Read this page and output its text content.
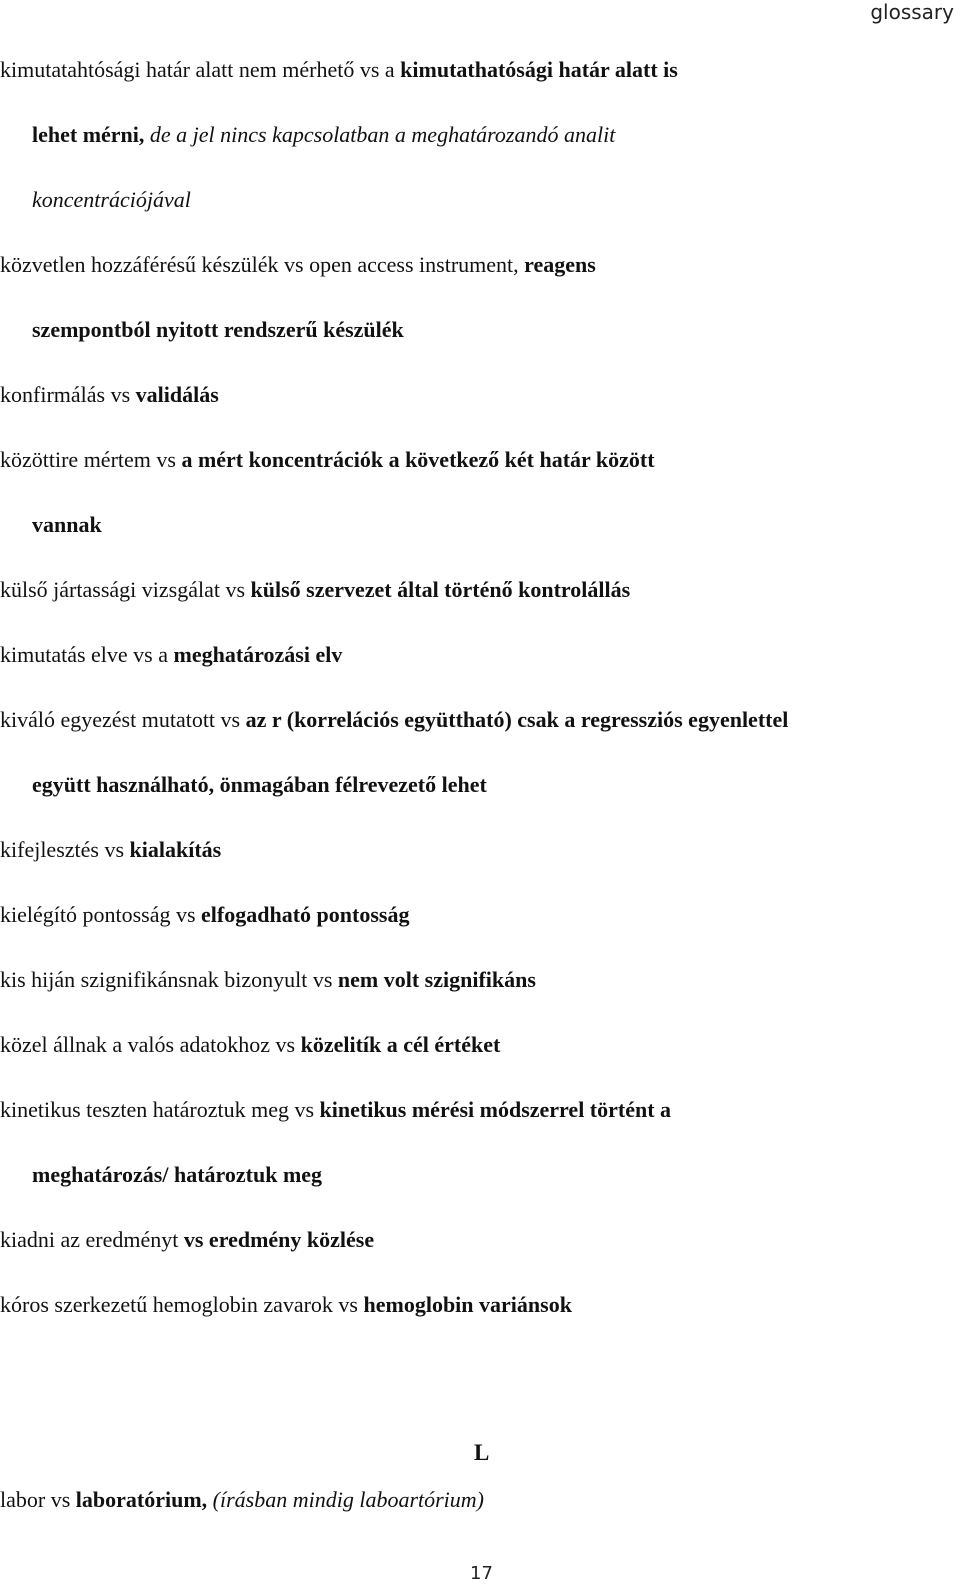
glossary
kimutatahtósági határ alatt nem mérhető vs a kimutathatósági határ alatt is
lehet mérni, de a jel nincs kapcsolatban a meghatározandó analit
koncentrációjával
közvetlen hozzáférésű készülék vs open access instrument, reagens
szempontból nyitott rendszerű készülék
konfirmálás vs validálás
közöttire mértem vs a mért koncentrációk a következő két határ között
vannak
külső jártassági vizsgálat vs külső szervezet által történő kontrolállás
kimutatás elve vs a meghatározási elv
kiváló egyezést mutatott vs az r (korrelációs együttható) csak a regressziós egyenlettel
együtt használható, önmagában félrevezető lehet
kifejlesztés vs kialakítás
kielégító pontosság vs elfogadható pontosság
kis hiján szignifikánsnak bizonyult vs nem volt szignifikáns
közel állnak a valós adatokhoz vs közelitík a cél értéket
kinetikus teszten határoztuk meg vs kinetikus mérési módszerrel történt a
meghatározás/ határoztuk meg
kiadni az eredményt vs eredmény közlése
kóros szerkezetű hemoglobin zavarok vs hemoglobin variánsok
L
labor vs laboratórium, (írásban mindig laboartórium)
17
